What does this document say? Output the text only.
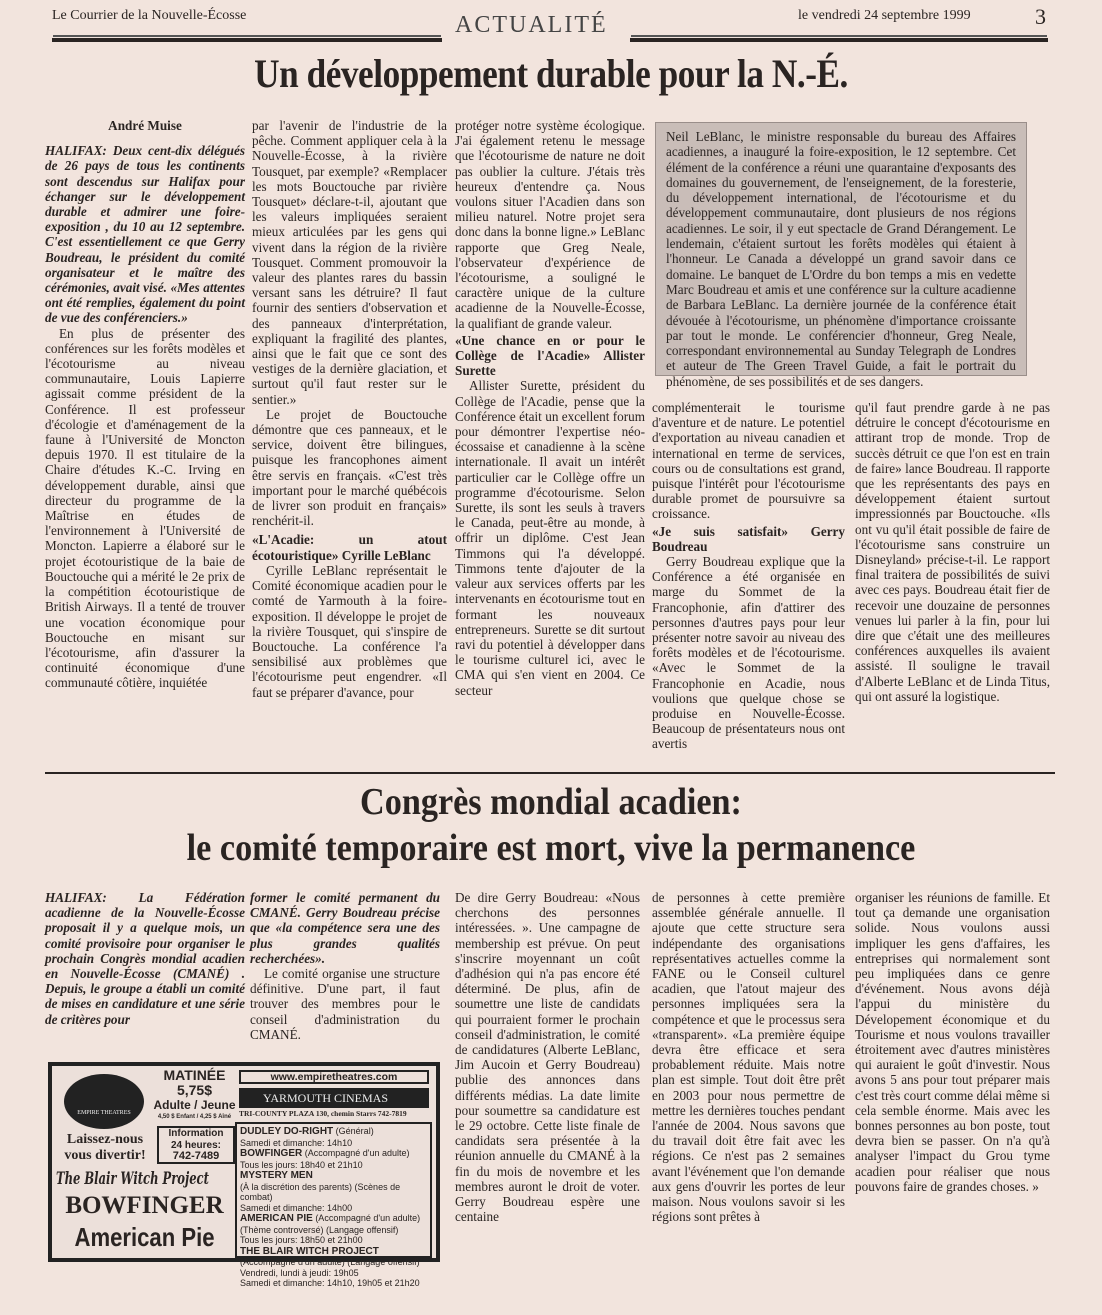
Le Courrier de la Nouvelle-Écosse	ACTUALITÉ	le vendredi 24 septembre 1999	3
Un développement durable pour la N.-É.

André Muise

HALIFAX: Deux cent-dix délégués de 26 pays de tous les continents sont descendus sur Halifax pour échanger sur le développement durable et admirer une foire-exposition , du 10 au 12 septembre. C'est essentiellement ce que Gerry Boudreau, le président du comité organisateur et le maître des cérémonies, avait visé. «Mes attentes ont été remplies, également du point de vue des conférenciers.»

En plus de présenter des conférences sur les forêts modèles et l'écotourisme au niveau communautaire, Louis Lapierre agissait comme président de la Conférence. Il est professeur d'écologie et d'aménagement de la faune à l'Université de Moncton depuis 1970. Il est titulaire de la Chaire d'études K.-C. Irving en développement durable, ainsi que directeur du programme de la Maîtrise en études de l'environnement à l'Université de Moncton. Lapierre a élaboré sur le projet écotouristique de la baie de Bouctouche qui a mérité le 2e prix de la compétition écotouristique de British Airways. Il a tenté de trouver une vocation économique pour Bouctouche en misant sur l'écotourisme, afin d'assurer la continuité économique d'une communauté côtière, inquiétée

par l'avenir de l'industrie de la pêche. Comment appliquer cela à la Nouvelle-Écosse, à la rivière Tousquet, par exemple? «Remplacer les mots Bouctouche par rivière Tousquet» déclare-t-il, ajoutant que les valeurs impliquées seraient mieux articulées par les gens qui vivent dans la région de la rivière Tousquet. Comment promouvoir la valeur des plantes rares du bassin versant sans les détruire? Il faut fournir des sentiers d'observation et des panneaux d'interprétation, expliquant la fragilité des plantes, ainsi que le fait que ce sont des vestiges de la dernière glaciation, et surtout qu'il faut rester sur le sentier.»

Le projet de Bouctouche démontre que ces panneaux, et le service, doivent être bilingues, puisque les francophones aiment être servis en français. «C'est très important pour le marché québécois de livrer son produit en français» renchérit-il.

«L'Acadie: un atout écotouristique» Cyrille LeBlanc

Cyrille LeBlanc représentait le Comité économique acadien pour le comté de Yarmouth à la foire-exposition. Il développe le projet de la rivière Tousquet, qui s'inspire de Bouctouche. La conférence l'a sensibilisé aux problèmes que l'écotourisme peut engendrer. «Il faut se préparer d'avance, pour

protéger notre système écologique. J'ai également retenu le message que l'écotourisme de nature ne doit pas oublier la culture. J'étais très heureux d'entendre ça. Nous voulons situer l'Acadien dans son milieu naturel. Notre projet sera donc dans la bonne ligne.» LeBlanc rapporte que Greg Neale, l'observateur d'expérience de l'écotourisme, a souligné le caractère unique de la culture acadienne de la Nouvelle-Écosse, la qualifiant de grande valeur.

«Une chance en or pour le Collège de l'Acadie» Allister Surette

Allister Surette, président du Collège de l'Acadie, pense que la Conférence était un excellent forum pour démontrer l'expertise néo-écossaise et canadienne à la scène internationale. Il avait un intérêt particulier car le Collège offre un programme d'écotourisme. Selon Surette, ils sont les seuls à travers le Canada, peut-être au monde, à offrir un diplôme. C'est Jean Timmons qui l'a développé. Timmons tente d'ajouter de la valeur aux services offerts par les intervenants en écotourisme tout en formant les nouveaux entrepreneurs. Surette se dit surtout ravi du potentiel à développer dans le tourisme culturel ici, avec le CMA qui s'en vient en 2004. Ce secteur

Neil LeBlanc, le ministre responsable du bureau des Affaires acadiennes, a inauguré la foire-exposition, le 12 septembre. Cet élément de la conférence a réuni une quarantaine d'exposants des domaines du gouvernement, de l'enseignement, de la foresterie, du développement international, de l'écotourisme et du développement communautaire, dont plusieurs de nos régions acadiennes. Le soir, il y eut spectacle de Grand Dérangement. Le lendemain, c'étaient surtout les forêts modèles qui étaient à l'honneur. Le Canada a développé un grand savoir dans ce domaine. Le banquet de L'Ordre du bon temps a mis en vedette Marc Boudreau et amis et une conférence sur la culture acadienne de Barbara LeBlanc. La dernière journée de la conférence était dévouée à l'écotourisme, un phénomène d'importance croissante par tout le monde. Le conférencier d'honneur, Greg Neale, correspondant environnemental au Sunday Telegraph de Londres et auteur de The Green Travel Guide, a fait le portrait du phénomène, de ses possibilités et de ses dangers.

complémenterait le tourisme d'aventure et de nature. Le potentiel d'exportation au niveau canadien et international en terme de services, cours ou de consultations est grand, puisque l'intérêt pour l'écotourisme durable promet de poursuivre sa croissance.

«Je suis satisfait» Gerry Boudreau

Gerry Boudreau explique que la Conférence a été organisée en marge du Sommet de la Francophonie, afin d'attirer des personnes d'autres pays pour leur présenter notre savoir au niveau des forêts modèles et de l'écotourisme. «Avec le Sommet de la Francophonie en Acadie, nous voulions que quelque chose se produise en Nouvelle-Écosse. Beaucoup de présentateurs nous ont avertis

qu'il faut prendre garde à ne pas détruire le concept d'écotourisme en attirant trop de monde. Trop de succès détruit ce que l'on est en train de faire» lance Boudreau. Il rapporte que les représentants des pays en développement étaient surtout impressionnés par Bouctouche. «Ils ont vu qu'il était possible de faire de l'écotourisme sans construire un Disneyland» précise-t-il. Le rapport final traitera de possibilités de suivi avec ces pays. Boudreau était fier de recevoir une douzaine de personnes venues lui parler à la fin, pour lui dire que c'était une des meilleures conférences auxquelles ils avaient assisté. Il souligne le travail d'Alberte LeBlanc et de Linda Titus, qui ont assuré la logistique.

Congrès mondial acadien:
le comité temporaire est mort, vive la permanence

HALIFAX: La Fédération acadienne de la Nouvelle-Écosse proposait il y a quelque mois, un comité provisoire pour organiser le prochain Congrès mondial acadien en Nouvelle-Écosse (CMANÉ) . Depuis, le groupe a établi un comité de mises en candidature et une série de critères pour

former le comité permanent du CMANÉ. Gerry Boudreau précise que «la compétence sera une des plus grandes qualités recherchées».

Le comité organise une structure définitive. D'une part, il faut trouver des membres pour le conseil d'administration du CMANÉ.

De dire Gerry Boudreau: «Nous cherchons des personnes intéressées. ». Une campagne de membership est prévue. On peut s'inscrire moyennant un coût d'adhésion qui n'a pas encore été déterminé. De plus, afin de soumettre une liste de candidats qui pourraient former le prochain conseil d'administration, le comité de candidatures (Alberte LeBlanc, Jim Aucoin et Gerry Boudreau) publie des annonces dans différents médias. La date limite pour soumettre sa candidature est le 29 octobre. Cette liste finale de candidats sera présentée à la réunion annuelle du CMANÉ à la fin du mois de novembre et les membres auront le droit de voter. Gerry Boudreau espère une centaine

de personnes à cette première assemblée générale annuelle. Il ajoute que cette structure sera indépendante des organisations représentatives actuelles comme la FANE ou le Conseil culturel acadien, que l'atout majeur des personnes impliquées sera la compétence et que le processus sera «transparent». «La première équipe devra être efficace et sera probablement réduite. Mais notre plan est simple. Tout doit être prêt en 2003 pour nous permettre de mettre les dernières touches pendant l'année de 2004. Nous savons que du travail doit être fait avec les régions. Ce n'est pas 2 semaines avant l'événement que l'on demande aux gens d'ouvrir les portes de leur maison. Nous voulons savoir si les régions sont prêtes à

organiser les réunions de famille. Et tout ça demande une organisation solide. Nous voulons aussi impliquer les gens d'affaires, les entreprises qui normalement sont peu impliquées dans ce genre d'événement. Nous avons déjà l'appui du ministère du Dévelopement économique et du Tourisme et nous voulons travailler étroitement avec d'autres ministères qui auraient le goût d'investir. Nous avons 5 ans pour tout préparer mais c'est très court comme délai même si cela semble énorme. Mais avec les bonnes personnes au bon poste, tout devra bien se passer. On n'a qu'à analyser l'impact du Grou tyme acadien pour réaliser que nous pouvons faire de grandes choses. »

EMPIRE THEATRES
Laissez-nous vous divertir!
MATINÉE
5,75$
Adulte / Jeune
4,50 $ Enfant / 4,25 $ Aîné
Information
24 heures:
742-7489
The Blair Witch Project
BOWFINGER
American Pie
www.empiretheatres.com
YARMOUTH CINEMAS
TRI-COUNTY PLAZA 130, chemin Starrs 742-7819
DUDLEY DO-RIGHT (Général)
Samedi et dimanche: 14h10
BOWFINGER (Accompagné d'un adulte)
Tous les jours: 18h40 et 21h10
MYSTERY MEN
(À la discrétion des parents) (Scènes de combat)
Samedi et dimanche: 14h00
AMERICAN PIE (Accompagné d'un adulte)
(Thème controversé) (Langage offensif)
Tous les jours: 18h50 et 21h00
THE BLAIR WITCH PROJECT
(Accompagné d'un adulte) (Langage offensif)
Vendredi, lundi à jeudi: 19h05
Samedi et dimanche: 14h10, 19h05 et 21h20
